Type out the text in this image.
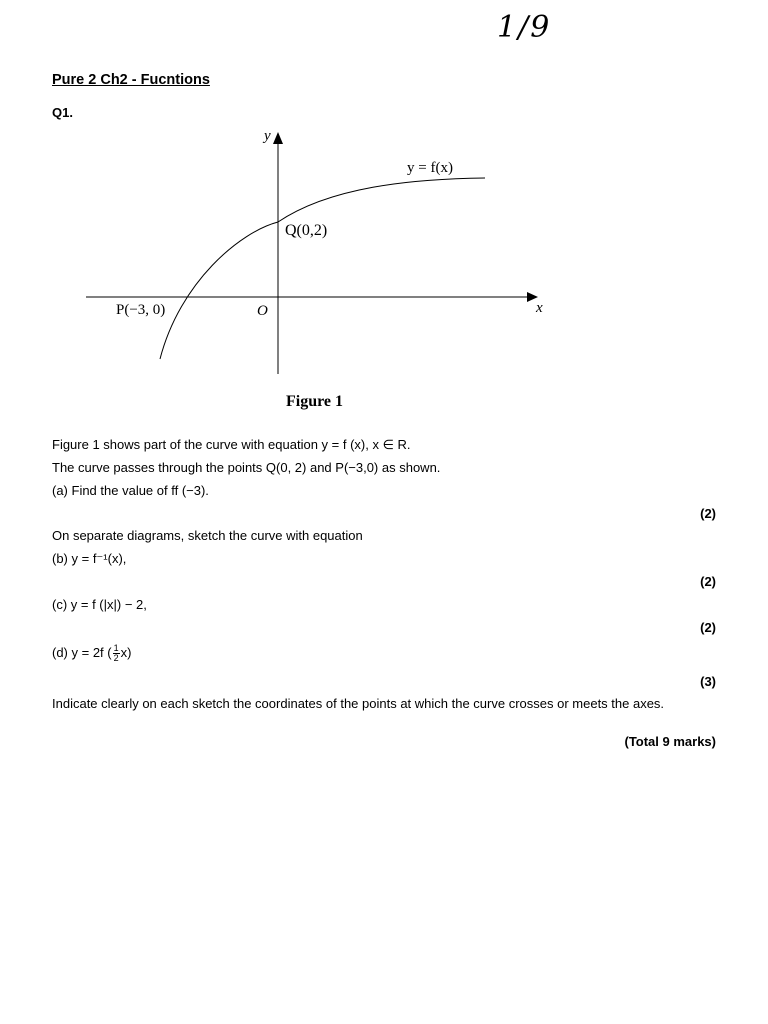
1/9
Pure 2 Ch2 - Fucntions
Q1.
y
x
O
y = f(x)
Q(0,2)
P(−3, 0)
Figure 1
Figure 1 shows part of the curve with equation y = f (x), x ∈ R.
The curve passes through the points Q(0, 2) and P(−3,0) as shown.
(a) Find the value of ff (−3).
(2)
On separate diagrams, sketch the curve with equation
(b) y = f⁻¹(x),
(2)
(c) y = f (|x|) − 2,
(2)
(d) y = 2f ( $\frac{1}{2} x$)
(3)
Indicate clearly on each sketch the coordinates of the points at which the curve crosses or meets the axes.
(Total 9 marks)
